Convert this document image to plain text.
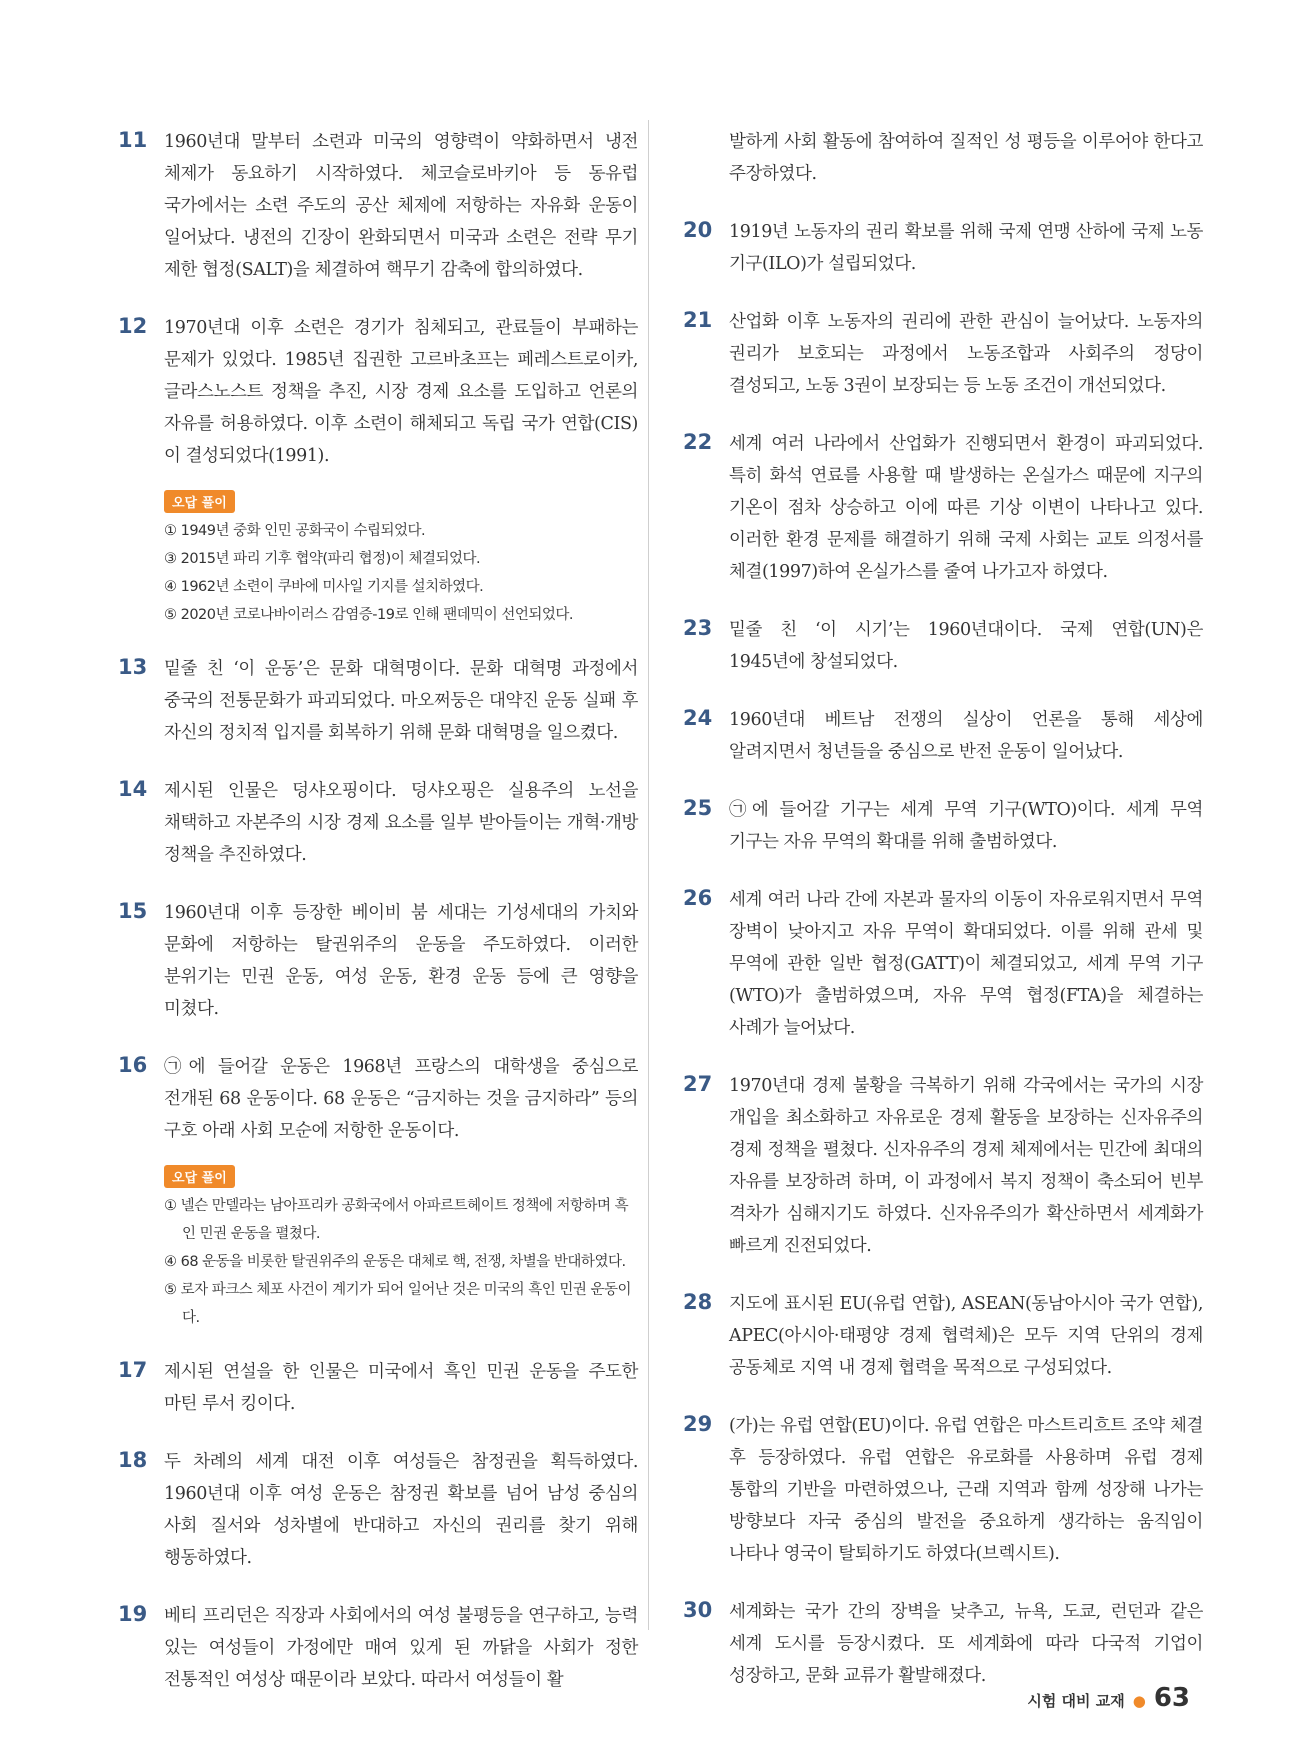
11 1960년대 말부터 소련과 미국의 영향력이 약화하면서 냉전 체제가 동요하기 시작하였다. 체코슬로바키아 등 동유럽 국가에서는 소련 주도의 공산 체제에 저항하는 자유화 운동이 일어났다. 냉전의 긴장이 완화되면서 미국과 소련은 전략 무기 제한 협정(SALT)을 체결하여 핵무기 감축에 합의하였다.
12 1970년대 이후 소련은 경기가 침체되고, 관료들이 부패하는 문제가 있었다. 1985년 집권한 고르바초프는 페레스트로이카, 글라스노스트 정책을 추진, 시장 경제 요소를 도입하고 언론의 자유를 허용하였다. 이후 소련이 해체되고 독립 국가 연합(CIS)이 결성되었다(1991).
오답 풀이
① 1949년 중화 인민 공화국이 수립되었다.
③ 2015년 파리 기후 협약(파리 협정)이 체결되었다.
④ 1962년 소련이 쿠바에 미사일 기지를 설치하였다.
⑤ 2020년 코로나바이러스 감염증-19로 인해 팬데믹이 선언되었다.
13 밑줄 친 ‘이 운동’은 문화 대혁명이다. 문화 대혁명 과정에서 중국의 전통문화가 파괴되었다. 마오쩌둥은 대약진 운동 실패 후 자신의 정치적 입지를 회복하기 위해 문화 대혁명을 일으켰다.
14 제시된 인물은 덩샤오핑이다. 덩샤오핑은 실용주의 노선을 채택하고 자본주의 시장 경제 요소를 일부 받아들이는 개혁·개방 정책을 추진하였다.
15 1960년대 이후 등장한 베이비 붐 세대는 기성세대의 가치와 문화에 저항하는 탈권위주의 운동을 주도하였다. 이러한 분위기는 민권 운동, 여성 운동, 환경 운동 등에 큰 영향을 미쳤다.
16 ㉠에 들어갈 운동은 1968년 프랑스의 대학생을 중심으로 전개된 68 운동이다. 68 운동은 “금지하는 것을 금지하라” 등의 구호 아래 사회 모순에 저항한 운동이다.
오답 풀이
① 넬슨 만델라는 남아프리카 공화국에서 아파르트헤이트 정책에 저항하며 흑인 민권 운동을 펼쳤다.
④ 68 운동을 비롯한 탈권위주의 운동은 대체로 핵, 전쟁, 차별을 반대하였다.
⑤ 로자 파크스 체포 사건이 계기가 되어 일어난 것은 미국의 흑인 민권 운동이다.
17 제시된 연설을 한 인물은 미국에서 흑인 민권 운동을 주도한 마틴 루서 킹이다.
18 두 차례의 세계 대전 이후 여성들은 참정권을 획득하였다. 1960년대 이후 여성 운동은 참정권 확보를 넘어 남성 중심의 사회 질서와 성차별에 반대하고 자신의 권리를 찾기 위해 행동하였다.
19 베티 프리던은 직장과 사회에서의 여성 불평등을 연구하고, 능력 있는 여성들이 가정에만 매여 있게 된 까닭을 사회가 정한 전통적인 여성상 때문이라 보았다. 따라서 여성들이 활
발하게 사회 활동에 참여하여 질적인 성 평등을 이루어야 한다고 주장하였다.
20 1919년 노동자의 권리 확보를 위해 국제 연맹 산하에 국제 노동 기구(ILO)가 설립되었다.
21 산업화 이후 노동자의 권리에 관한 관심이 늘어났다. 노동자의 권리가 보호되는 과정에서 노동조합과 사회주의 정당이 결성되고, 노동 3권이 보장되는 등 노동 조건이 개선되었다.
22 세계 여러 나라에서 산업화가 진행되면서 환경이 파괴되었다. 특히 화석 연료를 사용할 때 발생하는 온실가스 때문에 지구의 기온이 점차 상승하고 이에 따른 기상 이변이 나타나고 있다. 이러한 환경 문제를 해결하기 위해 국제 사회는 교토 의정서를 체결(1997)하여 온실가스를 줄여 나가고자 하였다.
23 밑줄 친 ‘이 시기’는 1960년대이다. 국제 연합(UN)은 1945년에 창설되었다.
24 1960년대 베트남 전쟁의 실상이 언론을 통해 세상에 알려지면서 청년들을 중심으로 반전 운동이 일어났다.
25 ㉠에 들어갈 기구는 세계 무역 기구(WTO)이다. 세계 무역 기구는 자유 무역의 확대를 위해 출범하였다.
26 세계 여러 나라 간에 자본과 물자의 이동이 자유로워지면서 무역 장벽이 낮아지고 자유 무역이 확대되었다. 이를 위해 관세 및 무역에 관한 일반 협정(GATT)이 체결되었고, 세계 무역 기구(WTO)가 출범하였으며, 자유 무역 협정(FTA)을 체결하는 사례가 늘어났다.
27 1970년대 경제 불황을 극복하기 위해 각국에서는 국가의 시장 개입을 최소화하고 자유로운 경제 활동을 보장하는 신자유주의 경제 정책을 펼쳤다. 신자유주의 경제 체제에서는 민간에 최대의 자유를 보장하려 하며, 이 과정에서 복지 정책이 축소되어 빈부 격차가 심해지기도 하였다. 신자유주의가 확산하면서 세계화가 빠르게 진전되었다.
28 지도에 표시된 EU(유럽 연합), ASEAN(동남아시아 국가 연합), APEC(아시아·태평양 경제 협력체)은 모두 지역 단위의 경제 공동체로 지역 내 경제 협력을 목적으로 구성되었다.
29 (가)는 유럽 연합(EU)이다. 유럽 연합은 마스트리흐트 조약 체결 후 등장하였다. 유럽 연합은 유로화를 사용하며 유럽 경제 통합의 기반을 마련하였으나, 근래 지역과 함께 성장해 나가는 방향보다 자국 중심의 발전을 중요하게 생각하는 움직임이 나타나 영국이 탈퇴하기도 하였다(브렉시트).
30 세계화는 국가 간의 장벽을 낮추고, 뉴욕, 도쿄, 런던과 같은 세계 도시를 등장시켰다. 또 세계화에 따라 다국적 기업이 성장하고, 문화 교류가 활발해졌다.
시험 대비 교재 ● 63
